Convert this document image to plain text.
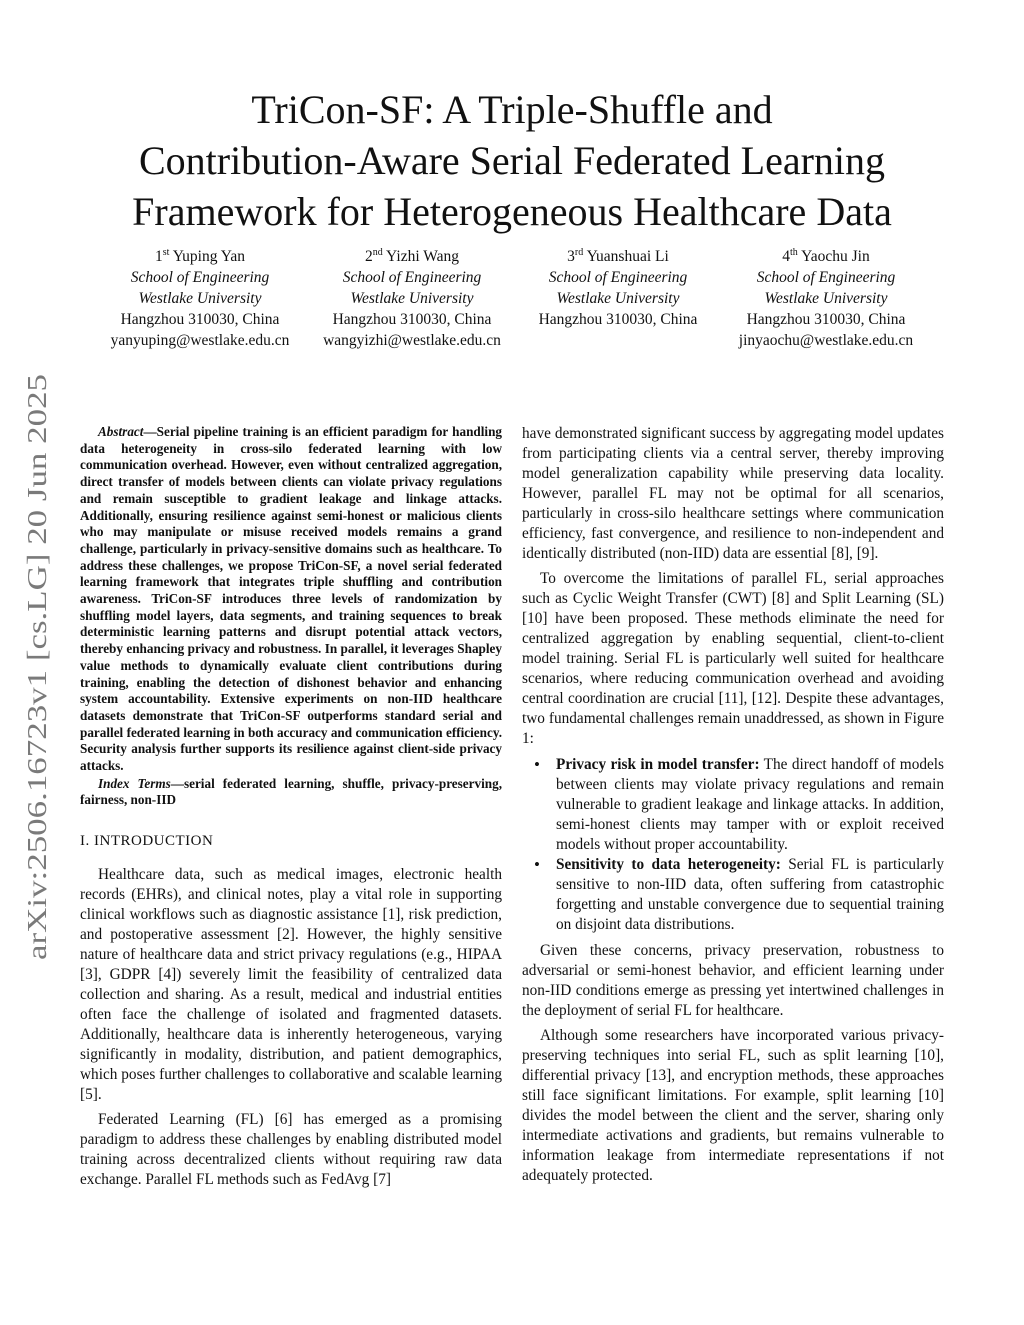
arXiv:2506.16723v1 [cs.LG] 20 Jun 2025
TriCon-SF: A Triple-Shuffle and
Contribution-Aware Serial Federated Learning
Framework for Heterogeneous Healthcare Data
1st Yuping Yan
School of Engineering
Westlake University
Hangzhou 310030, China
yanyuping@westlake.edu.cn
2nd Yizhi Wang
School of Engineering
Westlake University
Hangzhou 310030, China
wangyizhi@westlake.edu.cn
3rd Yuanshuai Li
School of Engineering
Westlake University
Hangzhou 310030, China
4th Yaochu Jin
School of Engineering
Westlake University
Hangzhou 310030, China
jinyaochu@westlake.edu.cn

Abstract—Serial pipeline training is an efficient paradigm for handling data heterogeneity in cross-silo federated learning with low communication overhead. However, even without centralized aggregation, direct transfer of models between clients can violate privacy regulations and remain susceptible to gradient leakage and linkage attacks. Additionally, ensuring resilience against semi-honest or malicious clients who may manipulate or misuse received models remains a grand challenge, particularly in privacy-sensitive domains such as healthcare. To address these challenges, we propose TriCon-SF, a novel serial federated learning framework that integrates triple shuffling and contribution awareness. TriCon-SF introduces three levels of randomization by shuffling model layers, data segments, and training sequences to break deterministic learning patterns and disrupt potential attack vectors, thereby enhancing privacy and robustness. In parallel, it leverages Shapley value methods to dynamically evaluate client contributions during training, enabling the detection of dishonest behavior and enhancing system accountability. Extensive experiments on non-IID healthcare datasets demonstrate that TriCon-SF outperforms standard serial and parallel federated learning in both accuracy and communication efficiency. Security analysis further supports its resilience against client-side privacy attacks.

Index Terms—serial federated learning, shuffle, privacy-preserving, fairness, non-IID

I. INTRODUCTION

Healthcare data, such as medical images, electronic health records (EHRs), and clinical notes, play a vital role in supporting clinical workflows such as diagnostic assistance [1], risk prediction, and postoperative assessment [2]. However, the highly sensitive nature of healthcare data and strict privacy regulations (e.g., HIPAA [3], GDPR [4]) severely limit the feasibility of centralized data collection and sharing. As a result, medical and industrial entities often face the challenge of isolated and fragmented datasets. Additionally, healthcare data is inherently heterogeneous, varying significantly in modality, distribution, and patient demographics, which poses further challenges to collaborative and scalable learning [5].

Federated Learning (FL) [6] has emerged as a promising paradigm to address these challenges by enabling distributed model training across decentralized clients without requiring raw data exchange. Parallel FL methods such as FedAvg [7]

have demonstrated significant success by aggregating model updates from participating clients via a central server, thereby improving model generalization capability while preserving data locality. However, parallel FL may not be optimal for all scenarios, particularly in cross-silo healthcare settings where communication efficiency, fast convergence, and resilience to non-independent and identically distributed (non-IID) data are essential [8], [9].

To overcome the limitations of parallel FL, serial approaches such as Cyclic Weight Transfer (CWT) [8] and Split Learning (SL) [10] have been proposed. These methods eliminate the need for centralized aggregation by enabling sequential, client-to-client model training. Serial FL is particularly well suited for healthcare scenarios, where reducing communication overhead and avoiding central coordination are crucial [11], [12]. Despite these advantages, two fundamental challenges remain unaddressed, as shown in Figure 1:

• Privacy risk in model transfer: The direct handoff of models between clients may violate privacy regulations and remain vulnerable to gradient leakage and linkage attacks. In addition, semi-honest clients may tamper with or exploit received models without proper accountability.
• Sensitivity to data heterogeneity: Serial FL is particularly sensitive to non-IID data, often suffering from catastrophic forgetting and unstable convergence due to sequential training on disjoint data distributions.

Given these concerns, privacy preservation, robustness to adversarial or semi-honest behavior, and efficient learning under non-IID conditions emerge as pressing yet intertwined challenges in the deployment of serial FL for healthcare.

Although some researchers have incorporated various privacy-preserving techniques into serial FL, such as split learning [10], differential privacy [13], and encryption methods, these approaches still face significant limitations. For example, split learning [10] divides the model between the client and the server, sharing only intermediate activations and gradients, but remains vulnerable to information leakage from intermediate representations if not adequately protected.
